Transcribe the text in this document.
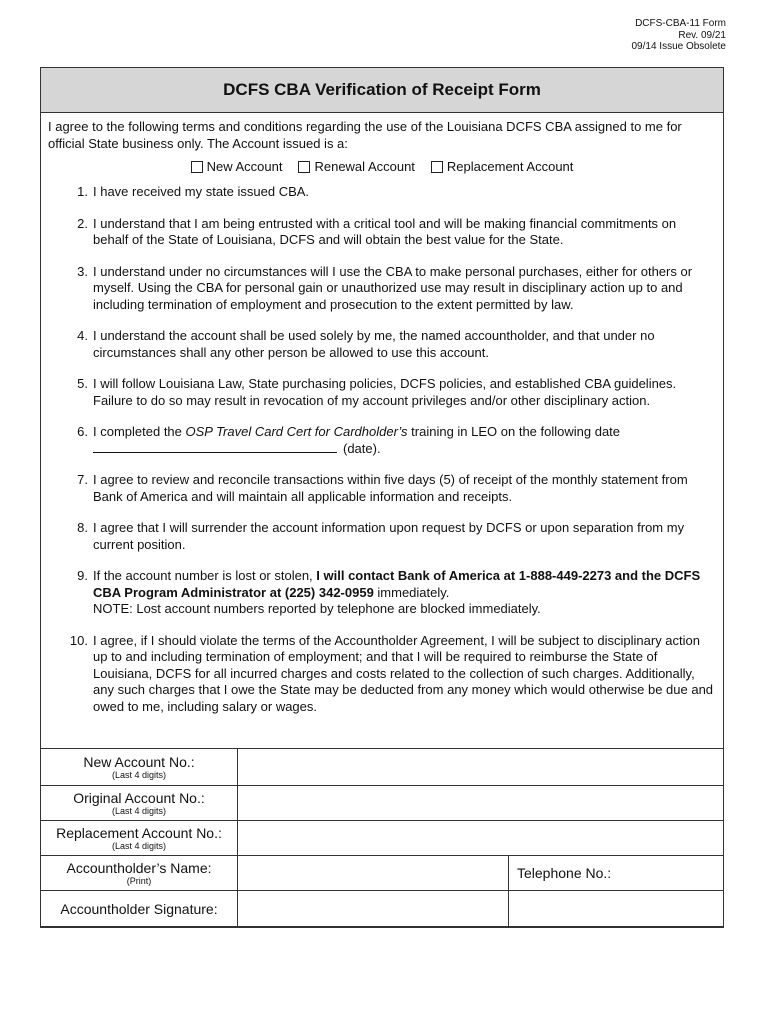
DCFS-CBA-11 Form
Rev. 09/21
09/14 Issue Obsolete
DCFS CBA Verification of Receipt Form
I agree to the following terms and conditions regarding the use of the Louisiana DCFS CBA assigned to me for official State business only. The Account issued is a:
New Account Renewal Account Replacement Account
1. I have received my state issued CBA.
2. I understand that I am being entrusted with a critical tool and will be making financial commitments on behalf of the State of Louisiana, DCFS and will obtain the best value for the State.
3. I understand under no circumstances will I use the CBA to make personal purchases, either for others or myself. Using the CBA for personal gain or unauthorized use may result in disciplinary action up to and including termination of employment and prosecution to the extent permitted by law.
4. I understand the account shall be used solely by me, the named accountholder, and that under no circumstances shall any other person be allowed to use this account.
5. I will follow Louisiana Law, State purchasing policies, DCFS policies, and established CBA guidelines. Failure to do so may result in revocation of my account privileges and/or other disciplinary action.
6. I completed the OSP Travel Card Cert for Cardholder’s training in LEO on the following date
(date).
7. I agree to review and reconcile transactions within five days (5) of receipt of the monthly statement from Bank of America and will maintain all applicable information and receipts.
8. I agree that I will surrender the account information upon request by DCFS or upon separation from my current position.
9. If the account number is lost or stolen, I will contact Bank of America at 1-888-449-2273 and the DCFS CBA Program Administrator at (225) 342-0959 immediately.
NOTE: Lost account numbers reported by telephone are blocked immediately.
10. I agree, if I should violate the terms of the Accountholder Agreement, I will be subject to disciplinary action up to and including termination of employment; and that I will be required to reimburse the State of Louisiana, DCFS for all incurred charges and costs related to the collection of such charges. Additionally, any such charges that I owe the State may be deducted from any money which would otherwise be due and owed to me, including salary or wages.
New Account No.:
(Last 4 digits)		

Original Account No.:
(Last 4 digits)		

Replacement Account No.:
(Last 4 digits)		

Accountholder’s Name:
(Print)		Telephone No.:

Accountholder Signature:		
